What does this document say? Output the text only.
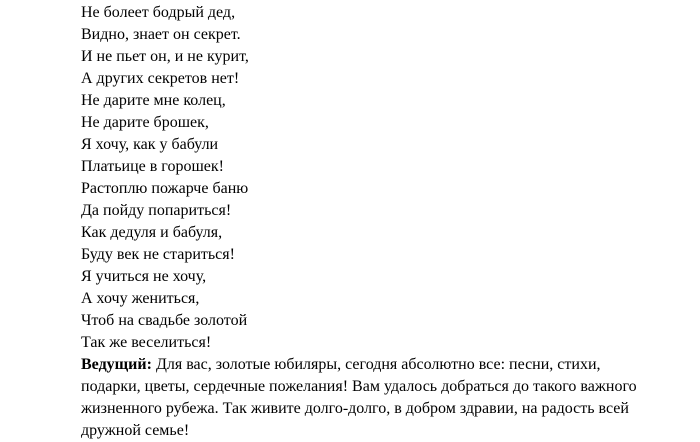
Не болеет бодрый дед,
Видно, знает он секрет.
И не пьет он, и не курит,
А других секретов нет!
Не дарите мне колец,
Не дарите брошек,
Я хочу, как у бабули
Платьице в горошек!
Растоплю пожарче баню
Да пойду попариться!
Как дедуля и бабуля,
Буду век не стариться!
Я учиться не хочу,
А хочу жениться,
Чтоб на свадьбе золотой
Так же веселиться!

Ведущий: Для вас, золотые юбиляры, сегодня абсолютно все: песни, стихи, подарки, цветы, сердечные пожелания! Вам удалось добраться до такого важного жизненного рубежа. Так живите долго-долго, в добром здравии, на радость всей дружной семье!
